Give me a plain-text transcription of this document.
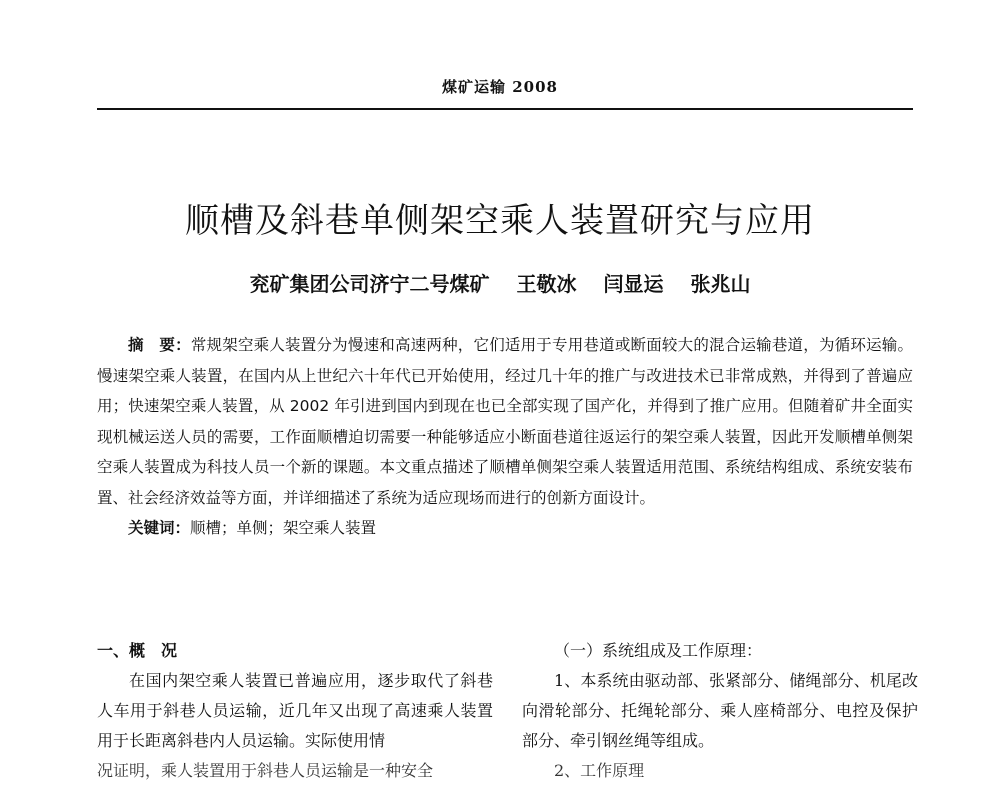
煤矿运输 2008
顺槽及斜巷单侧架空乘人装置研究与应用
兖矿集团公司济宁二号煤矿 王敬冰 闫显运 张兆山

摘　要：常规架空乘人装置分为慢速和高速两种，它们适用于专用巷道或断面较大的混合运输巷道，为循环运输。慢速架空乘人装置，在国内从上世纪六十年代已开始使用，经过几十年的推广与改进技术已非常成熟，并得到了普遍应用；快速架空乘人装置，从 2002 年引进到国内到现在也已全部实现了国产化，并得到了推广应用。但随着矿井全面实现机械运送人员的需要，工作面顺槽迫切需要一种能够适应小断面巷道往返运行的架空乘人装置，因此开发顺槽单侧架空乘人装置成为科技人员一个新的课题。本文重点描述了顺槽单侧架空乘人装置适用范围、系统结构组成、系统安装布置、社会经济效益等方面，并详细描述了系统为适应现场而进行的创新方面设计。

关键词：顺槽；单侧；架空乘人装置

一、概　况

在国内架空乘人装置已普遍应用，逐步取代了斜巷人车用于斜巷人员运输，近几年又出现了高速乘人装置用于长距离斜巷内人员运输。实际使用情

况证明，乘人装置用于斜巷人员运输是一种安全

（一）系统组成及工作原理：

1、本系统由驱动部、张紧部分、储绳部分、机尾改向滑轮部分、托绳轮部分、乘人座椅部分、电控及保护部分、牵引钢丝绳等组成。

2、工作原理
